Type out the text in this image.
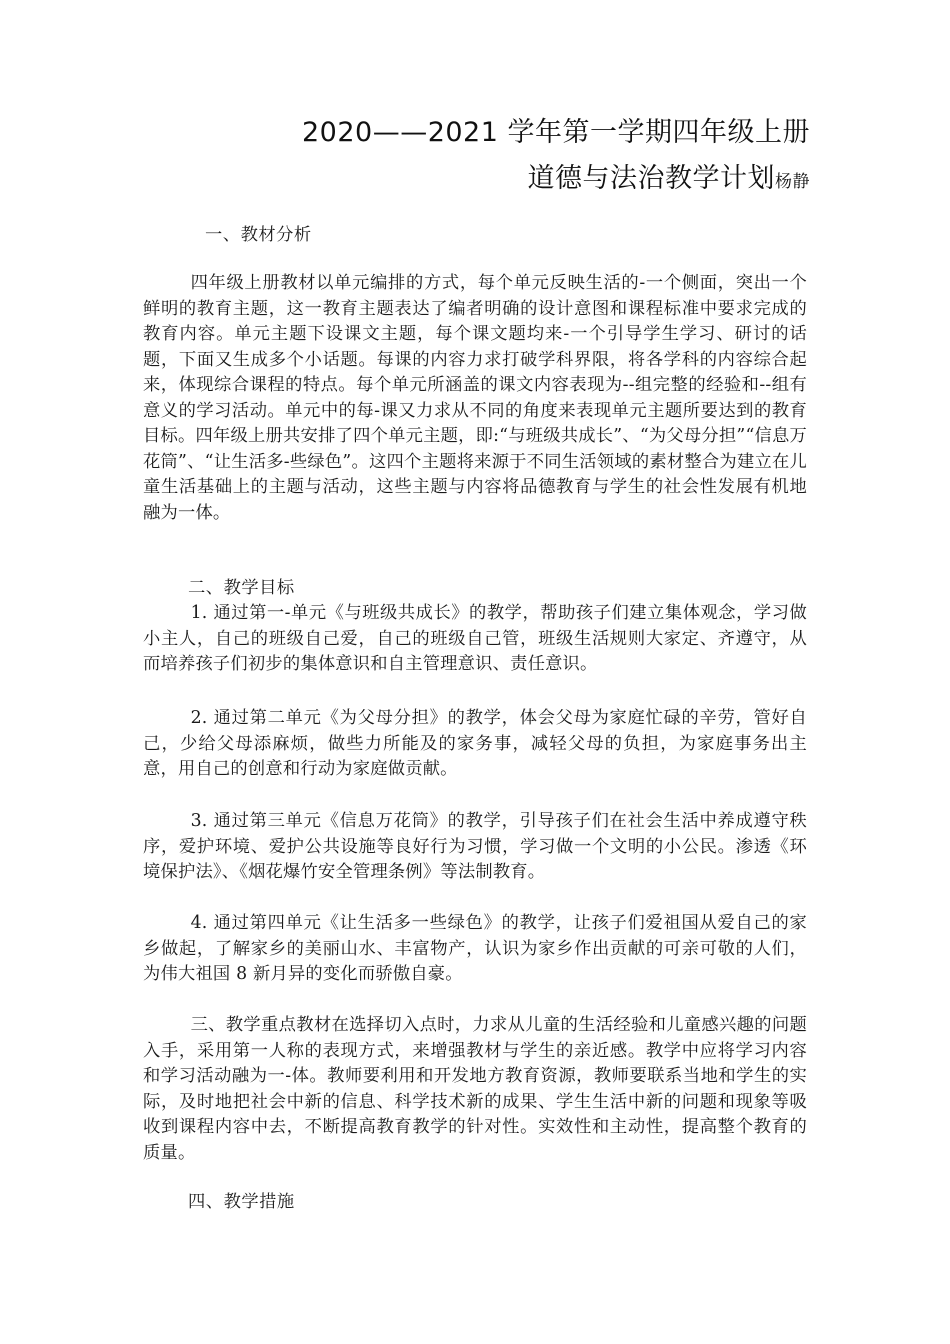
2020——2021 学年第一学期四年级上册
道德与法治教学计划杨静
一、教材分析

四年级上册教材以单元编排的方式，每个单元反映生活的-一个侧面，突出一个鲜明的教育主题，这一教育主题表达了编者明确的设计意图和课程标准中要求完成的教育内容。单元主题下设课文主题，每个课文题均来-一个引导学生学习、研讨的话题，下面又生成多个小话题。每课的内容力求打破学科界限，将各学科的内容综合起来，体现综合课程的特点。每个单元所涵盖的课文内容表现为--组完整的经验和--组有意义的学习活动。单元中的每-课又力求从不同的角度来表现单元主题所要达到的教育目标。四年级上册共安排了四个单元主题，即:“与班级共成长”、“为父母分担”“信息万花筒”、“让生活多-些绿色”。这四个主题将来源于不同生活领域的素材整合为建立在儿童生活基础上的主题与活动，这些主题与内容将品德教育与学生的社会性发展有机地融为一体。

二、教学目标

1. 通过第一-单元《与班级共成长》的教学，帮助孩子们建立集体观念，学习做小主人，自己的班级自己爱，自己的班级自己管，班级生活规则大家定、齐遵守，从而培养孩子们初步的集体意识和自主管理意识、责任意识。

2. 通过第二单元《为父母分担》的教学，体会父母为家庭忙碌的辛劳，管好自己，少给父母添麻烦，做些力所能及的家务事，减轻父母的负担，为家庭事务出主意，用自己的创意和行动为家庭做贡献。

3. 通过第三单元《信息万花筒》的教学，引导孩子们在社会生活中养成遵守秩序，爱护环境、爱护公共设施等良好行为习惯，学习做一个文明的小公民。渗透《环境保护法》、《烟花爆竹安全管理条例》等法制教育。

4. 通过第四单元《让生活多一些绿色》的教学，让孩子们爱祖国从爱自己的家乡做起，了解家乡的美丽山水、丰富物产，认识为家乡作出贡献的可亲可敬的人们，为伟大祖国 8 新月异的变化而骄傲自豪。

三、教学重点教材在选择切入点时，力求从儿童的生活经验和儿童感兴趣的问题入手，采用第一人称的表现方式，来增强教材与学生的亲近感。教学中应将学习内容和学习活动融为一-体。教师要利用和开发地方教育资源，教师要联系当地和学生的实际，及时地把社会中新的信息、科学技术新的成果、学生生活中新的问题和现象等吸收到课程内容中去，不断提高教育教学的针对性。实效性和主动性，提高整个教育的质量。

四、教学措施
